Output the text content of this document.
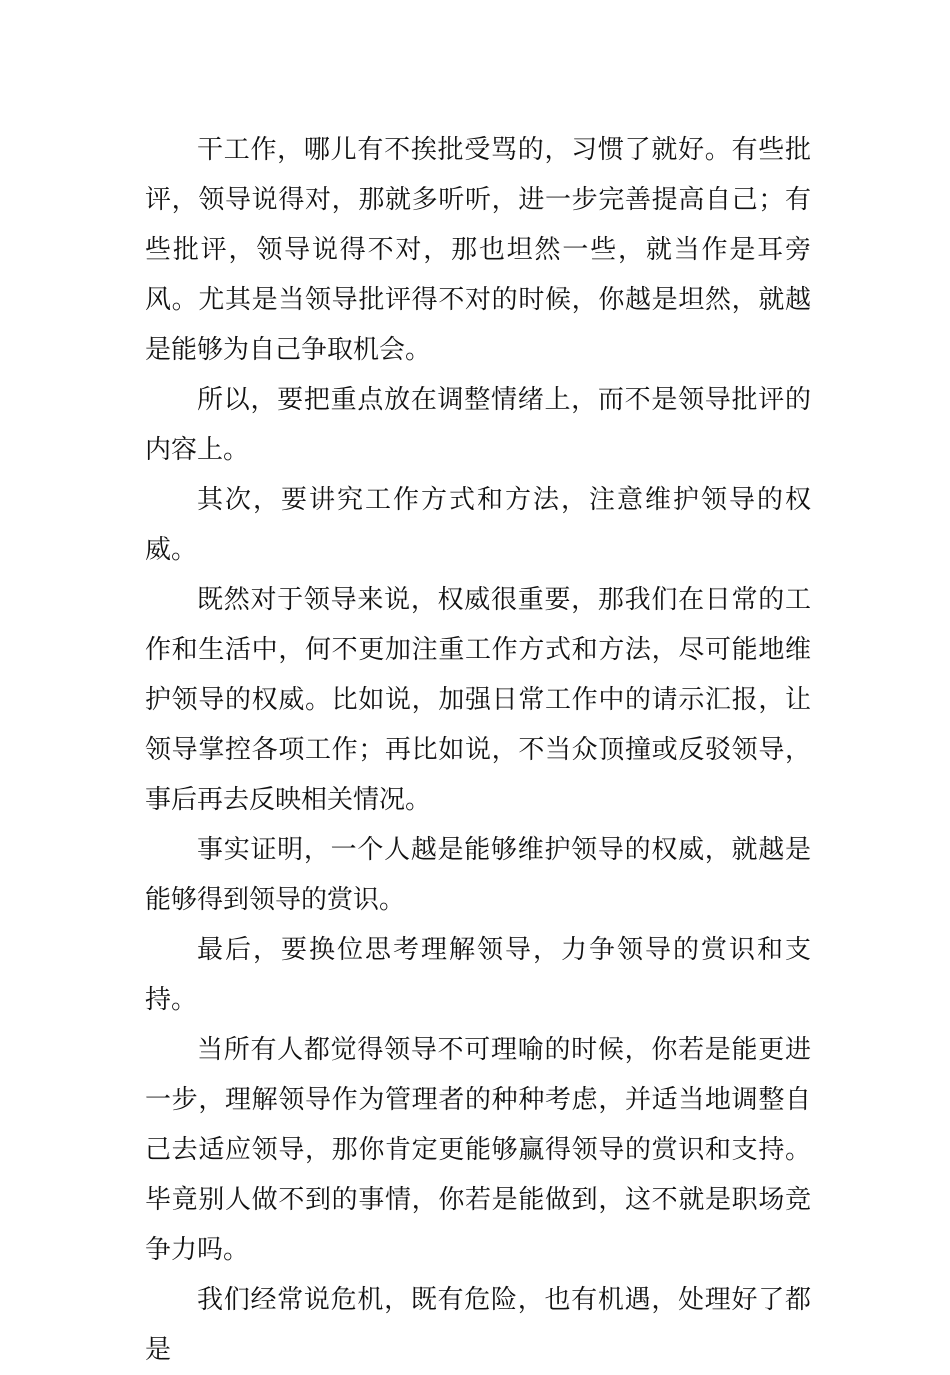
干工作，哪儿有不挨批受骂的，习惯了就好。有些批评，领导说得对，那就多听听，进一步完善提高自己；有些批评，领导说得不对，那也坦然一些，就当作是耳旁风。尤其是当领导批评得不对的时候，你越是坦然，就越是能够为自己争取机会。

所以，要把重点放在调整情绪上，而不是领导批评的内容上。

其次，要讲究工作方式和方法，注意维护领导的权威。

既然对于领导来说，权威很重要，那我们在日常的工作和生活中，何不更加注重工作方式和方法，尽可能地维护领导的权威。比如说，加强日常工作中的请示汇报，让领导掌控各项工作；再比如说，不当众顶撞或反驳领导，事后再去反映相关情况。

事实证明，一个人越是能够维护领导的权威，就越是能够得到领导的赏识。

最后，要换位思考理解领导，力争领导的赏识和支持。

当所有人都觉得领导不可理喻的时候，你若是能更进一步，理解领导作为管理者的种种考虑，并适当地调整自己去适应领导，那你肯定更能够赢得领导的赏识和支持。毕竟别人做不到的事情，你若是能做到，这不就是职场竞争力吗。

我们经常说危机，既有危险，也有机遇，处理好了都是
